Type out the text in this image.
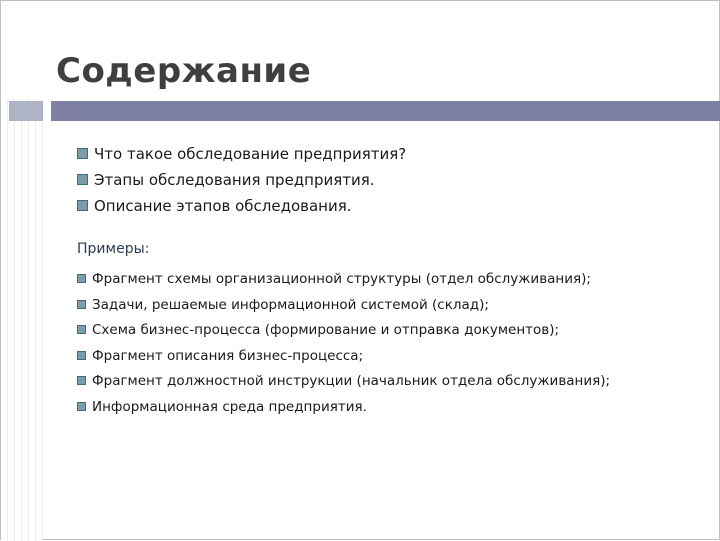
Содержание
Что такое обследование предприятия?
Этапы обследования предприятия.
Описание этапов обследования.

Примеры:

Фрагмент схемы организационной структуры (отдел обслуживания);
Задачи, решаемые информационной системой (склад);
Схема бизнес-процесса (формирование и отправка документов);
Фрагмент описания бизнес-процесса;
Фрагмент должностной инструкции (начальник отдела обслуживания);
Информационная среда предприятия.
